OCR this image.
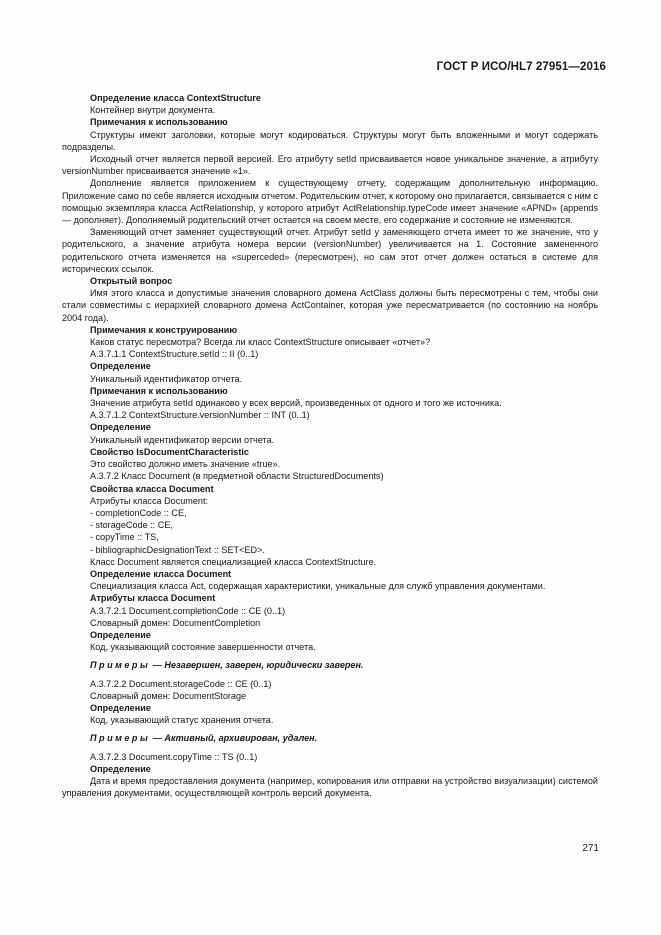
ГОСТ Р ИСО/HL7 27951—2016

Определение класса ContextStructure

Контейнер внутри документа.

Примечания к использованию

Структуры имеют заголовки, которые могут кодироваться. Структуры могут быть вложенными и могут содержать подразделы.

Исходный отчет является первой версией. Его атрибуту setId присваивается новое уникальное значение, а атрибуту versionNumber присваивается значение «1».

Дополнение является приложением к существующему отчету, содержащим дополнительную информацию. Приложение само по себе является исходным отчетом. Родительским отчет, к которому оно прилагается, связывается с ним с помощью экземпляра класса ActRelationship, у которого атрибут ActRelationship.typeCode имеет значение «APND» (appends — дополняет). Дополняемый родительский отчет остается на своем месте, его содержание и состояние не изменяются.

Заменяющий отчет заменяет существующий отчет. Атрибут setId у заменяющего отчета имеет то же значение, что у родительского, а значение атрибута номера версии (versionNumber) увеличивается на 1. Состояние замененного родительского отчета изменяется на «superceded» (пересмотрен), но сам этот отчет должен остаться в системе для исторических ссылок.

Открытый вопрос

Имя этого класса и допустимые значения словарного домена ActClass должны быть пересмотрены с тем, чтобы они стали совместимы с иерархией словарного домена ActContainer, которая уже пересматривается (по состоянию на ноябрь 2004 года).

Примечания к конструированию

Каков статус пересмотра? Всегда ли класс ContextStructure описывает «отчет»?

А.3.7.1.1 ContextStructure.setId :: II (0..1)

Определение

Уникальный идентификатор отчета.

Примечания к использованию

Значение атрибута setId одинаково у всех версий, произведенных от одного и того же источника.

А.3.7.1.2 ContextStructure.versionNumber :: INT (0..1)

Определение

Уникальный идентификатор версии отчета.

Свойство IsDocumentCharacteristic

Это свойство должно иметь значение «true».

А.3.7.2 Класс Document (в предметной области StructuredDocuments)

Свойства класса Document

Атрибуты класса Document:

- completionCode :: CE,

- storageCode :: CE,

- copyTime :: TS,

- bibliographicDesignationText :: SET<ED>.

Класс Document является специализацией класса ContextStructure.

Определение класса Document

Специализация класса Act, содержащая характеристики, уникальные для служб управления документами.

Атрибуты класса Document

А.3.7.2.1 Document.completionCode :: CE (0..1)

Словарный домен: DocumentCompletion

Определение

Код, указывающий состояние завершенности отчета.

Примеры — Незавершен, заверен, юридически заверен.

А.3.7.2.2 Document.storageCode :: CE (0..1)

Словарный домен: DocumentStorage

Определение

Код, указывающий статус хранения отчета.

Примеры — Активный, архивирован, удален.

А.3.7.2.3 Document.copyTime :: TS (0..1)

Определение

Дата и время предоставления документа (например, копирования или отправки на устройство визуализации) системой управления документами, осуществляющей контроль версий документа.

271
